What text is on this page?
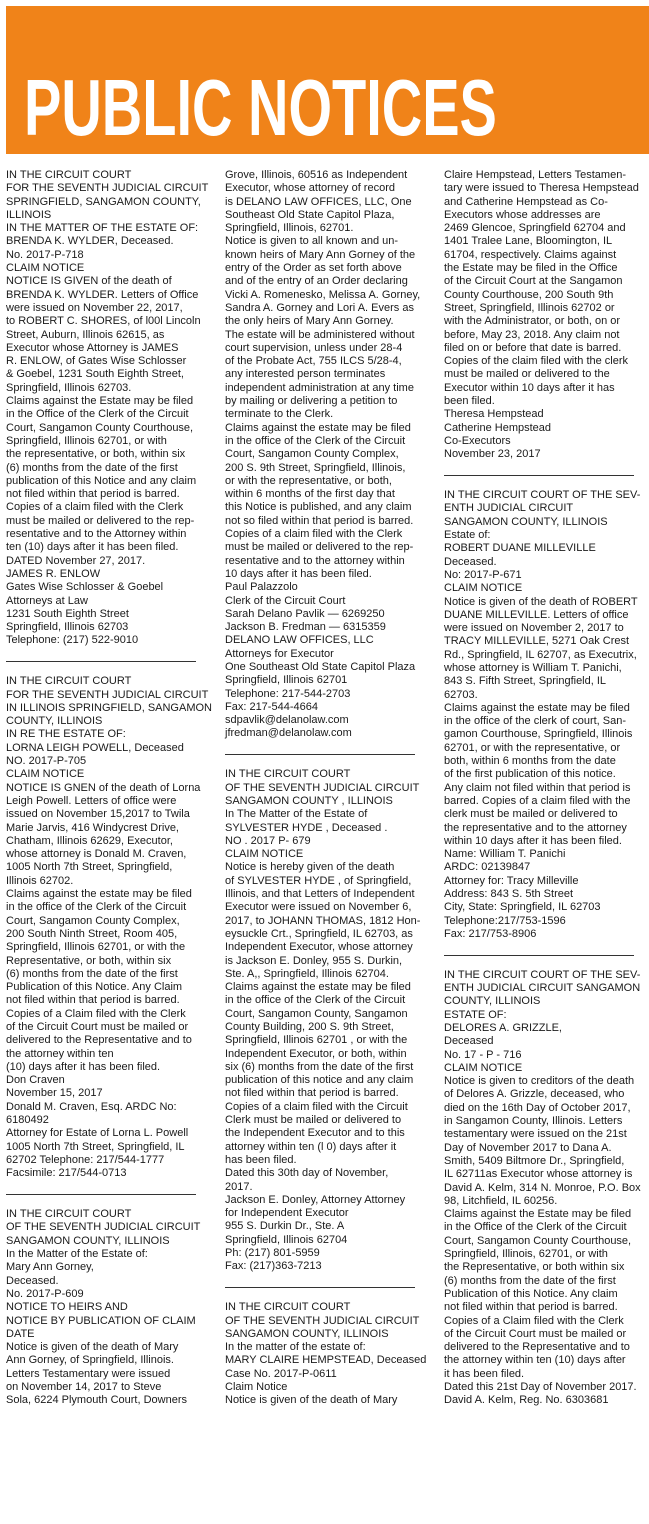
PUBLIC NOTICES
IN THE CIRCUIT COURT
FOR THE SEVENTH JUDICIAL CIRCUIT
SPRINGFIELD, SANGAMON COUNTY,
ILLINOIS
IN THE MATTER OF THE ESTATE OF:
BRENDA K. WYLDER, Deceased.
No. 2017-P-718
CLAIM NOTICE
NOTICE IS GIVEN of the death of
BRENDA K. WYLDER. Letters of Office
were issued on November 22, 2017,
to ROBERT C. SHORES, of l00l Lincoln
Street, Auburn, Illinois 62615, as
Executor whose Attorney is JAMES
R. ENLOW, of Gates Wise Schlosser
& Goebel, 1231 South Eighth Street,
Springfield, Illinois 62703.
Claims against the Estate may be filed
in the Office of the Clerk of the Circuit
Court, Sangamon County Courthouse,
Springfield, Illinois 62701, or with
the representative, or both, within six
(6) months from the date of the first
publication of this Notice and any claim
not filed within that period is barred.
Copies of a claim filed with the Clerk
must be mailed or delivered to the rep-
resentative and to the Attorney within
ten (10) days after it has been filed.
DATED November 27, 2017.
JAMES R. ENLOW
Gates Wise Schlosser & Goebel
Attorneys at Law
1231 South Eighth Street
Springfield, Illinois 62703
Telephone: (217) 522-9010
IN THE CIRCUIT COURT
FOR THE SEVENTH JUDICIAL CIRCUIT
IN ILLINOIS SPRINGFIELD, SANGAMON
COUNTY, ILLINOIS
IN RE THE ESTATE OF:
LORNA LEIGH POWELL, Deceased
NO. 2017-P-705
CLAIM NOTICE
NOTICE IS GNEN of the death of Lorna
Leigh Powell. Letters of office were
issued on November 15,2017 to Twila
Marie Jarvis, 416 Windycrest Drive,
Chatham, Illinois 62629, Executor,
whose attorney is Donald M. Craven,
1005 North 7th Street, Springfield,
Illinois 62702.
Claims against the estate may be filed
in the office of the Clerk of the Circuit
Court, Sangamon County Complex,
200 South Ninth Street, Room 405,
Springfield, Illinois 62701, or with the
Representative, or both, within six
(6) months from the date of the first
Publication of this Notice. Any Claim
not filed within that period is barred.
Copies of a Claim filed with the Clerk
of the Circuit Court must be mailed or
delivered to the Representative and to
the attorney within ten
(10) days after it has been filed.
Don Craven
November 15, 2017
Donald M. Craven, Esq. ARDC No:
6180492
Attorney for Estate of Lorna L. Powell
1005 North 7th Street, Springfield, IL
62702 Telephone: 217/544-1777
Facsimile: 217/544-0713
IN THE CIRCUIT COURT
OF THE SEVENTH JUDICIAL CIRCUIT
SANGAMON COUNTY, ILLINOIS
In the Matter of the Estate of:
Mary Ann Gorney,
Deceased.
No. 2017-P-609
NOTICE TO HEIRS AND
NOTICE BY PUBLICATION OF CLAIM
DATE
Notice is given of the death of Mary
Ann Gorney, of Springfield, Illinois.
Letters Testamentary were issued
on November 14, 2017 to Steve
Sola, 6224 Plymouth Court, Downers
Grove, Illinois, 60516 as Independent
Executor, whose attorney of record
is DELANO LAW OFFICES, LLC, One
Southeast Old State Capitol Plaza,
Springfield, Illinois, 62701.
Notice is given to all known and un-
known heirs of Mary Ann Gorney of the
entry of the Order as set forth above
and of the entry of an Order declaring
Vicki A. Romenesko, Melissa A. Gorney,
Sandra A. Gorney and Lori A. Evers as
the only heirs of Mary Ann Gorney.
The estate will be administered without
court supervision, unless under 28-4
of the Probate Act, 755 ILCS 5/28-4,
any interested person terminates
independent administration at any time
by mailing or delivering a petition to
terminate to the Clerk.
Claims against the estate may be filed
in the office of the Clerk of the Circuit
Court, Sangamon County Complex,
200 S. 9th Street, Springfield, Illinois,
or with the representative, or both,
within 6 months of the first day that
this Notice is published, and any claim
not so filed within that period is barred.
Copies of a claim filed with the Clerk
must be mailed or delivered to the rep-
resentative and to the attorney within
10 days after it has been filed.
Paul Palazzolo
Clerk of the Circuit Court
Sarah Delano Pavlik — 6269250
Jackson B. Fredman — 6315359
DELANO LAW OFFICES, LLC
Attorneys for Executor
One Southeast Old State Capitol Plaza
Springfield, Illinois 62701
Telephone: 217-544-2703
Fax: 217-544-4664
sdpavlik@delanolaw.com
jfredman@delanolaw.com
IN THE CIRCUIT COURT
OF THE SEVENTH JUDICIAL CIRCUIT
SANGAMON COUNTY , ILLINOIS
In The Matter of the Estate of
SYLVESTER HYDE , Deceased .
NO . 2017 P- 679
CLAIM NOTICE
Notice is hereby given of the death
of SYLVESTER HYDE , of Springfield,
Illinois, and that Letters of Independent
Executor were issued on November 6,
2017, to JOHANN THOMAS, 1812 Hon-
eysuckle Crt., Springfield, IL 62703, as
Independent Executor, whose attorney
is Jackson E. Donley, 955 S. Durkin,
Ste. A,, Springfield, Illinois 62704.
Claims against the estate may be filed
in the office of the Clerk of the Circuit
Court, Sangamon County, Sangamon
County Building, 200 S. 9th Street,
Springfield, Illinois 62701 , or with the
Independent Executor, or both, within
six (6) months from the date of the first
publication of this notice and any claim
not filed within that period is barred.
Copies of a claim filed with the Circuit
Clerk must be mailed or delivered to
the Independent Executor and to this
attorney within ten (l 0) days after it
has been filed.
Dated this 30th day of November,
2017.
Jackson E. Donley, Attorney Attorney
for Independent Executor
955 S. Durkin Dr., Ste. A
Springfield, Illinois 62704
Ph: (217) 801-5959
Fax: (217)363-7213
IN THE CIRCUIT COURT
OF THE SEVENTH JUDICIAL CIRCUIT
SANGAMON COUNTY, ILLINOIS
In the matter of the estate of:
MARY CLAIRE HEMPSTEAD, Deceased
Case No. 2017-P-0611
Claim Notice
Notice is given of the death of Mary
Claire Hempstead, Letters Testamen-
tary were issued to Theresa Hempstead
and Catherine Hempstead as Co-
Executors whose addresses are
2469 Glencoe, Springfield 62704 and
1401 Tralee Lane, Bloomington, IL
61704, respectively. Claims against
the Estate may be filed in the Office
of the Circuit Court at the Sangamon
County Courthouse, 200 South 9th
Street, Springfield, Illinois 62702 or
with the Administrator, or both, on or
before, May 23, 2018. Any claim not
filed on or before that date is barred.
Copies of the claim filed with the clerk
must be mailed or delivered to the
Executor within 10 days after it has
been filed.
Theresa Hempstead
Catherine Hempstead
Co-Executors
November 23, 2017
IN THE CIRCUIT COURT OF THE SEV-
ENTH JUDICIAL CIRCUIT
SANGAMON COUNTY, ILLINOIS
Estate of:
ROBERT DUANE MILLEVILLE
Deceased.
No: 2017-P-671
CLAIM NOTICE
Notice is given of the death of ROBERT
DUANE MILLEVILLE. Letters of office
were issued on November 2, 2017 to
TRACY MILLEVILLE, 5271 Oak Crest
Rd., Springfield, IL 62707, as Executrix,
whose attorney is William T. Panichi,
843 S. Fifth Street, Springfield, IL
62703.
Claims against the estate may be filed
in the office of the clerk of court, San-
gamon Courthouse, Springfield, Illinois
62701, or with the representative, or
both, within 6 months from the date
of the first publication of this notice.
Any claim not filed within that period is
barred. Copies of a claim filed with the
clerk must be mailed or delivered to
the representative and to the attorney
within 10 days after it has been filed.
Name: William T. Panichi
ARDC: 02139847
Attorney for: Tracy Milleville
Address: 843 S. 5th Street
City, State: Springfield, IL 62703
Telephone:217/753-1596
Fax: 217/753-8906
IN THE CIRCUIT COURT OF THE SEV-
ENTH JUDICIAL CIRCUIT SANGAMON
COUNTY, ILLINOIS
ESTATE OF:
DELORES A. GRIZZLE,
Deceased
No. 17 - P - 716
CLAIM NOTICE
Notice is given to creditors of the death
of Delores A. Grizzle, deceased, who
died on the 16th Day of October 2017,
in Sangamon County, Illinois. Letters
testamentary were issued on the 21st
Day of November 2017 to Dana A.
Smith, 5409 Biltmore Dr., Springfield,
IL 62711as Executor whose attorney is
David A. Kelm, 314 N. Monroe, P.O. Box
98, Litchfield, IL 60256.
Claims against the Estate may be filed
in the Office of the Clerk of the Circuit
Court, Sangamon County Courthouse,
Springfield, Illinois, 62701, or with
the Representative, or both within six
(6) months from the date of the first
Publication of this Notice. Any claim
not filed within that period is barred.
Copies of a Claim filed with the Clerk
of the Circuit Court must be mailed or
delivered to the Representative and to
the attorney within ten (10) days after
it has been filed.
Dated this 21st Day of November 2017.
David A. Kelm, Reg. No. 6303681
